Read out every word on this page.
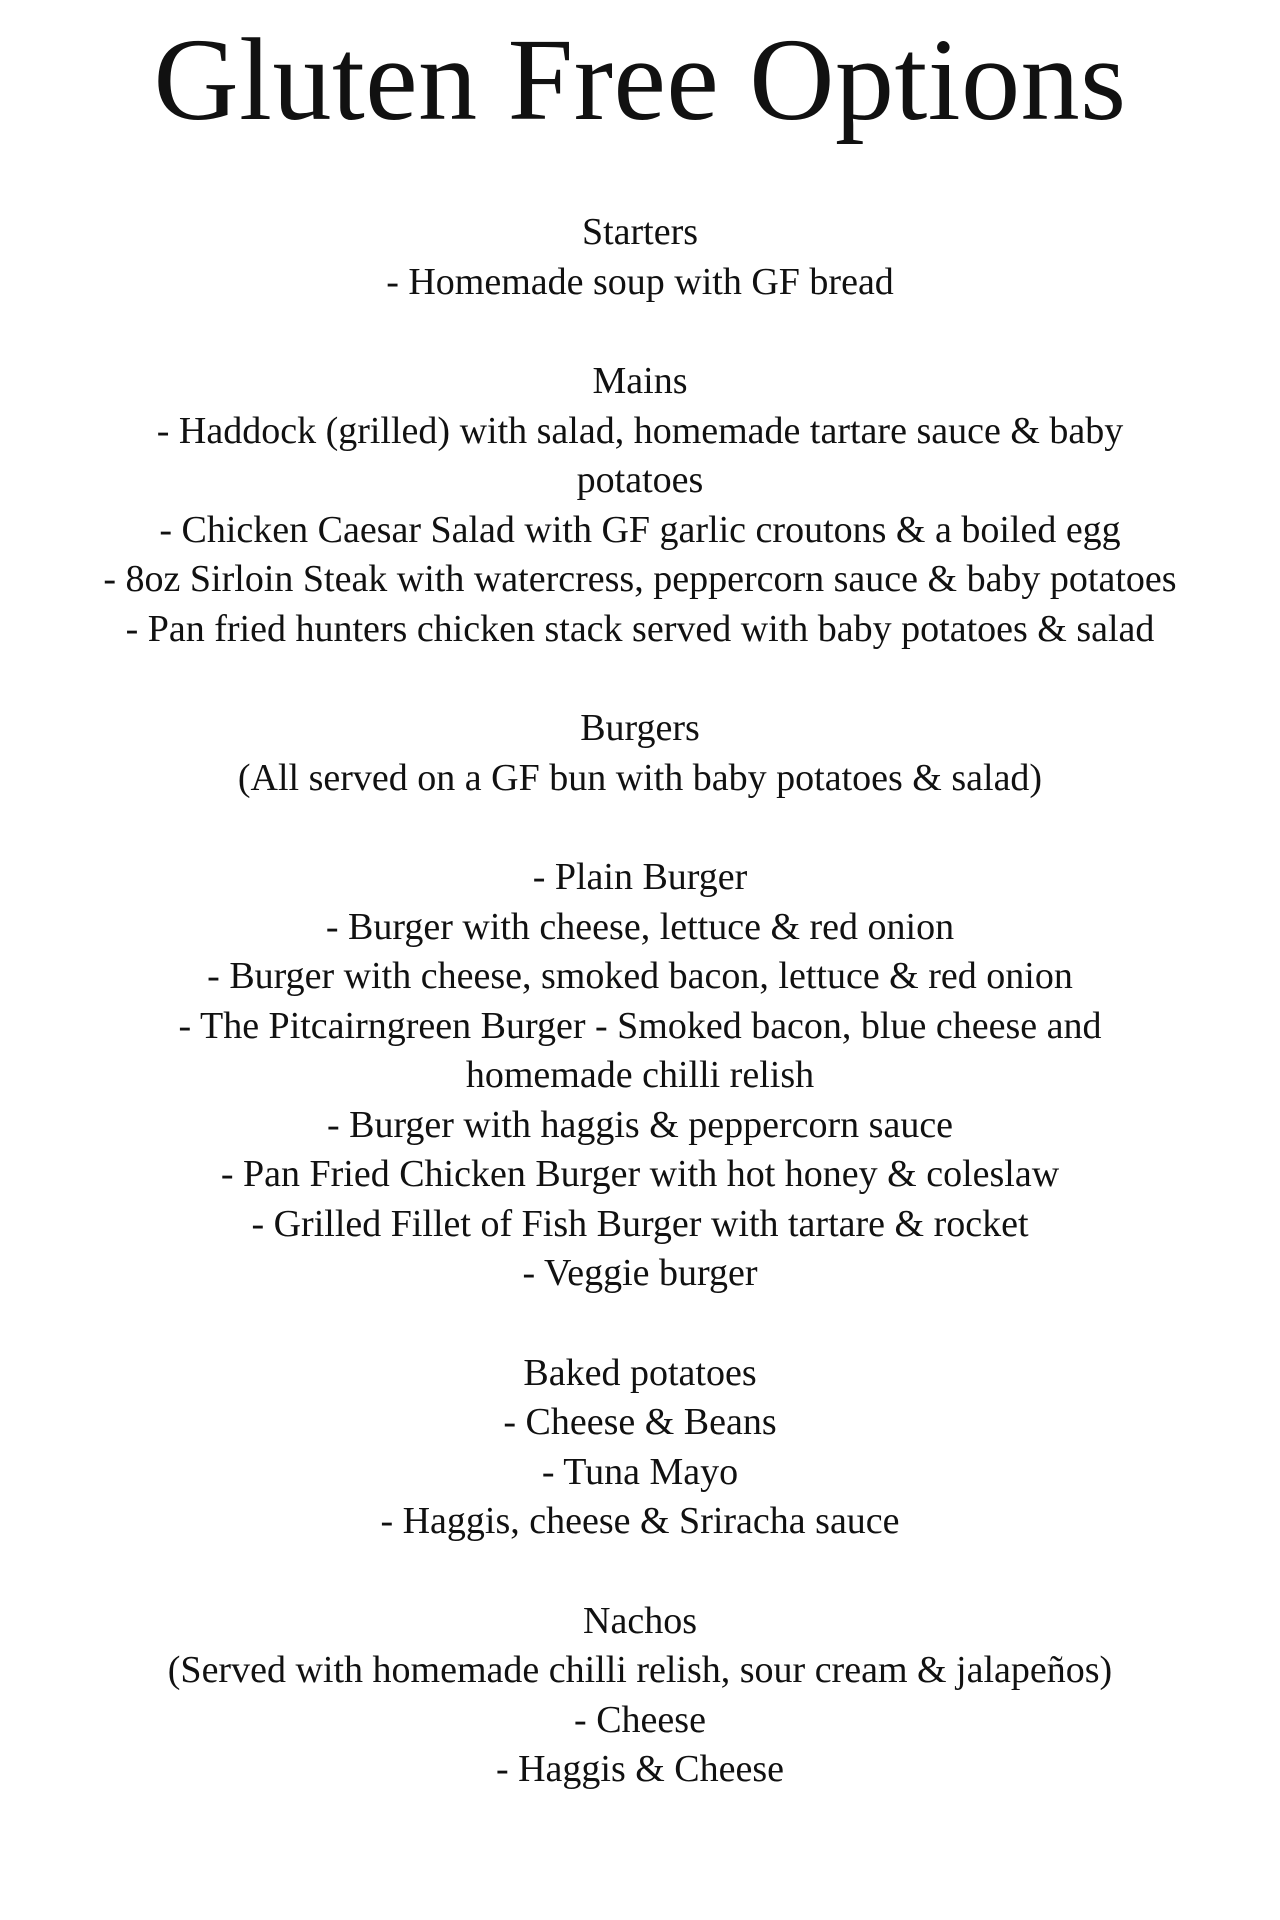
Gluten Free Options
Starters
- Homemade soup with GF bread
Mains
- Haddock (grilled) with salad, homemade tartare sauce & baby
potatoes
- Chicken Caesar Salad with GF garlic croutons & a boiled egg
- 8oz Sirloin Steak with watercress, peppercorn sauce & baby potatoes
- Pan fried hunters chicken stack served with baby potatoes & salad
Burgers
(All served on a GF bun with baby potatoes & salad)
- Plain Burger
- Burger with cheese, lettuce & red onion
- Burger with cheese, smoked bacon, lettuce & red onion
- The Pitcairngreen Burger - Smoked bacon, blue cheese and
homemade chilli relish
- Burger with haggis & peppercorn sauce
- Pan Fried Chicken Burger with hot honey & coleslaw
- Grilled Fillet of Fish Burger with tartare & rocket
- Veggie burger
Baked potatoes
- Cheese & Beans
- Tuna Mayo
- Haggis, cheese & Sriracha sauce
Nachos
(Served with homemade chilli relish, sour cream & jalapeños)
- Cheese
- Haggis & Cheese
